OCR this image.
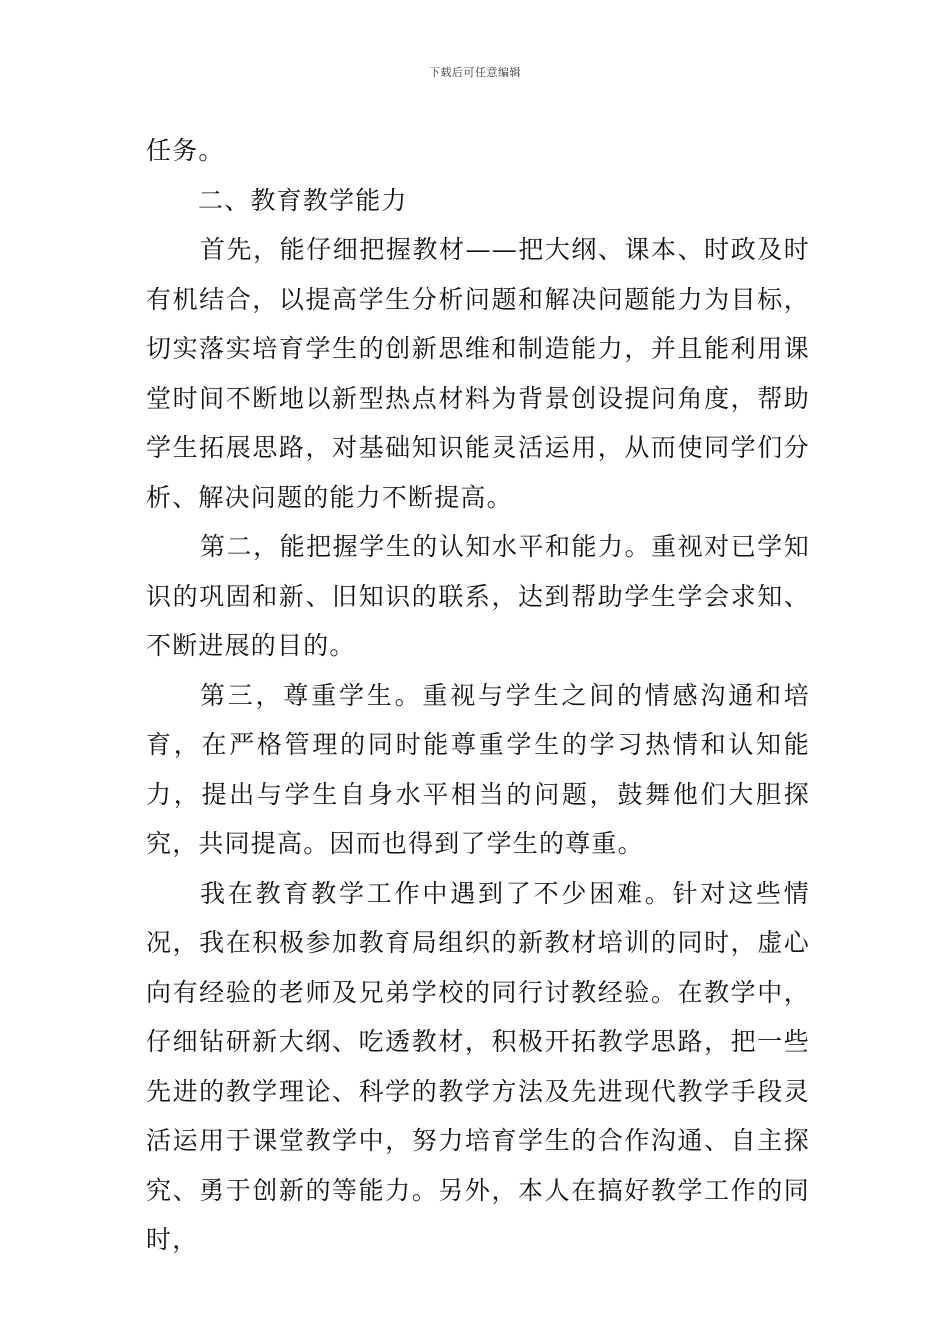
下载后可任意编辑

任务。

二、教育教学能力

首先，能仔细把握教材——把大纲、课本、时政及时有机结合，以提高学生分析问题和解决问题能力为目标，切实落实培育学生的创新思维和制造能力，并且能利用课堂时间不断地以新型热点材料为背景创设提问角度，帮助学生拓展思路，对基础知识能灵活运用，从而使同学们分析、解决问题的能力不断提高。

第二，能把握学生的认知水平和能力。重视对已学知识的巩固和新、旧知识的联系，达到帮助学生学会求知、不断进展的目的。

第三，尊重学生。重视与学生之间的情感沟通和培育，在严格管理的同时能尊重学生的学习热情和认知能力，提出与学生自身水平相当的问题，鼓舞他们大胆探究，共同提高。因而也得到了学生的尊重。

我在教育教学工作中遇到了不少困难。针对这些情况，我在积极参加教育局组织的新教材培训的同时，虚心向有经验的老师及兄弟学校的同行讨教经验。在教学中，仔细钻研新大纲、吃透教材，积极开拓教学思路，把一些先进的教学理论、科学的教学方法及先进现代教学手段灵活运用于课堂教学中，努力培育学生的合作沟通、自主探究、勇于创新的等能力。另外，本人在搞好教学工作的同时，
